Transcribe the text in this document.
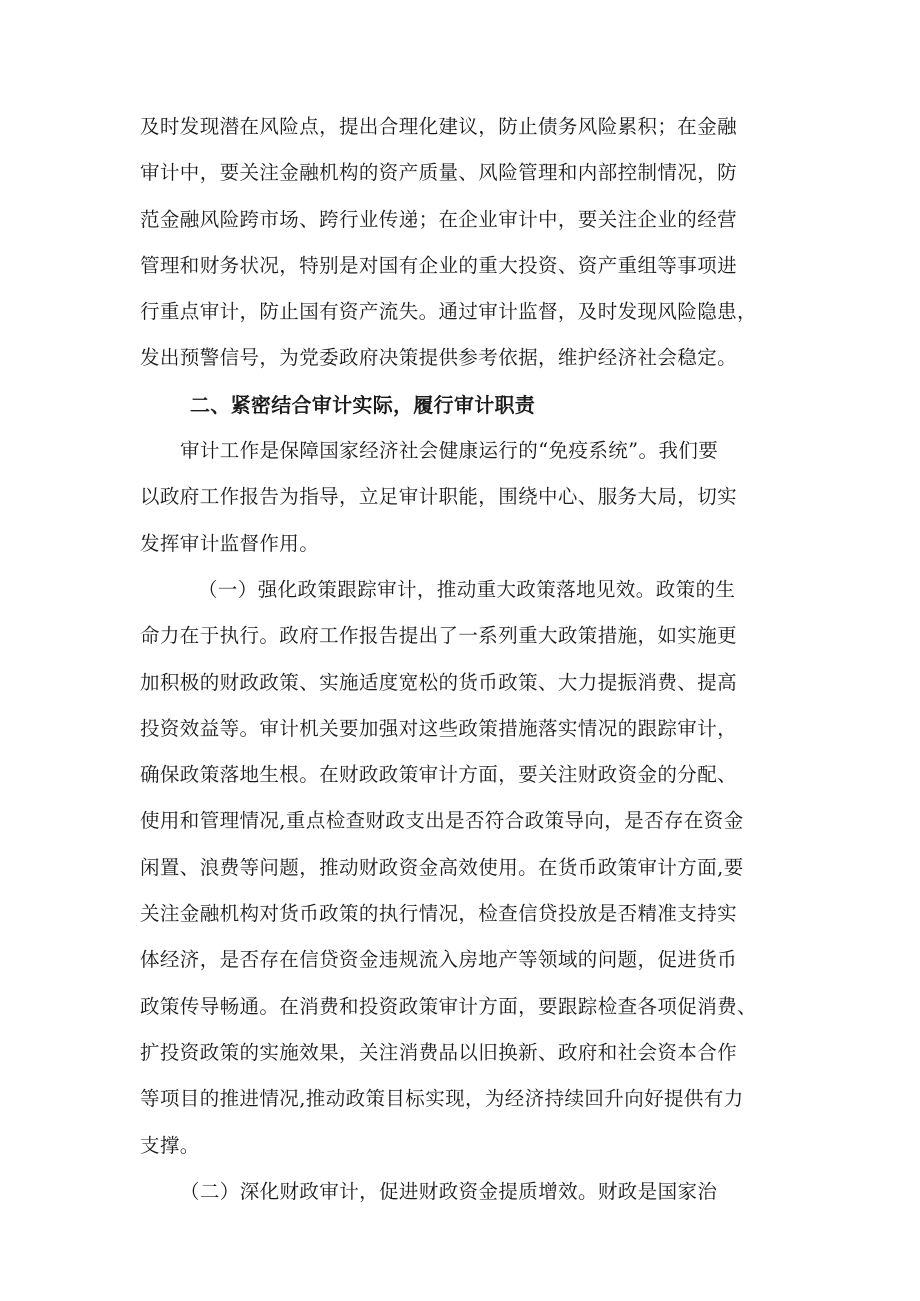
及时发现潜在风险点，提出合理化建议，防止债务风险累积；在金融
审计中，要关注金融机构的资产质量、风险管理和内部控制情况，防
范金融风险跨市场、跨行业传递；在企业审计中，要关注企业的经营
管理和财务状况，特别是对国有企业的重大投资、资产重组等事项进
行重点审计，防止国有资产流失。通过审计监督，及时发现风险隐患，
发出预警信号，为党委政府决策提供参考依据，维护经济社会稳定。

二、紧密结合审计实际，履行审计职责

审计工作是保障国家经济社会健康运行的“免疫系统”。我们要
以政府工作报告为指导，立足审计职能，围绕中心、服务大局，切实
发挥审计监督作用。

（一）强化政策跟踪审计，推动重大政策落地见效。政策的生
命力在于执行。政府工作报告提出了一系列重大政策措施，如实施更
加积极的财政政策、实施适度宽松的货币政策、大力提振消费、提高
投资效益等。审计机关要加强对这些政策措施落实情况的跟踪审计，
确保政策落地生根。在财政政策审计方面，要关注财政资金的分配、
使用和管理情况,重点检查财政支出是否符合政策导向，是否存在资金
闲置、浪费等问题，推动财政资金高效使用。在货币政策审计方面,要
关注金融机构对货币政策的执行情况，检查信贷投放是否精准支持实
体经济，是否存在信贷资金违规流入房地产等领域的问题，促进货币
政策传导畅通。在消费和投资政策审计方面，要跟踪检查各项促消费、
扩投资政策的实施效果，关注消费品以旧换新、政府和社会资本合作
等项目的推进情况,推动政策目标实现，为经济持续回升向好提供有力
支撑。

（二）深化财政审计，促进财政资金提质增效。财政是国家治
